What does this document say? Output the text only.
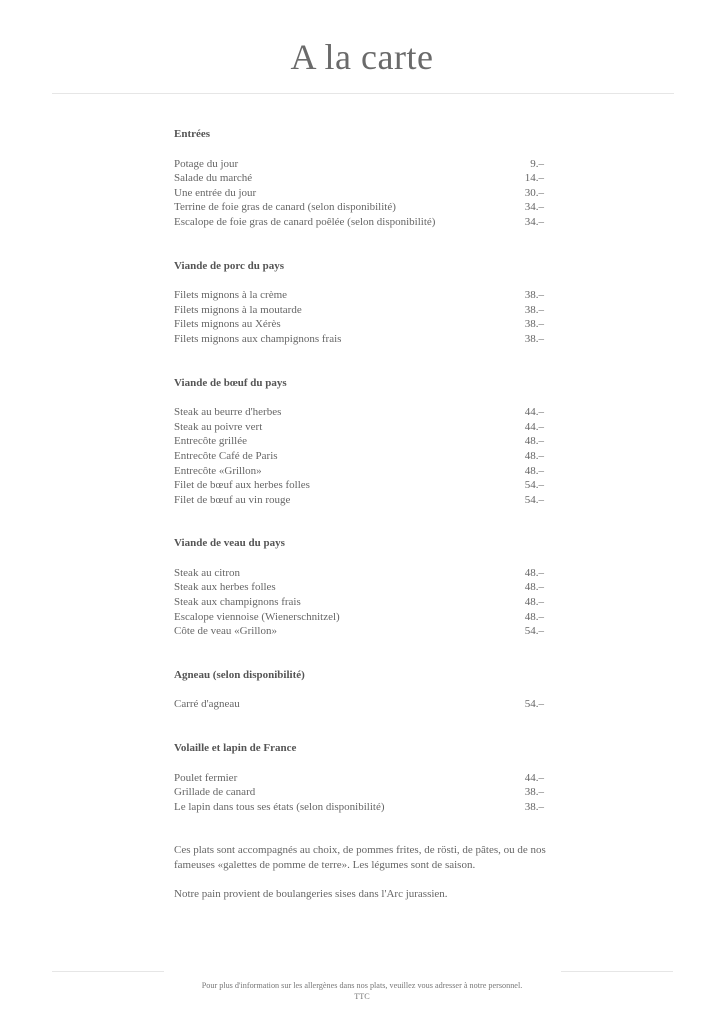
A la carte
Entrées
Potage du jour	9.–
Salade du marché	14.–
Une entrée du jour	30.–
Terrine de foie gras de canard (selon disponibilité)	34.–
Escalope de foie gras de canard poêlée (selon disponibilité)	34.–
Viande de porc du pays
Filets mignons à la crème	38.–
Filets mignons à la moutarde	38.–
Filets mignons au Xérès	38.–
Filets mignons aux champignons frais	38.–
Viande de bœuf du pays
Steak au beurre d'herbes	44.–
Steak au poivre vert	44.–
Entrecôte grillée	48.–
Entrecôte Café de Paris	48.–
Entrecôte «Grillon»	48.–
Filet de bœuf aux herbes folles	54.–
Filet de bœuf au vin rouge	54.–
Viande de veau du pays
Steak au citron	48.–
Steak aux herbes folles	48.–
Steak aux champignons frais	48.–
Escalope viennoise (Wienerschnitzel)	48.–
Côte de veau «Grillon»	54.–
Agneau (selon disponibilité)
Carré d'agneau	54.–
Volaille et lapin de France
Poulet fermier	44.–
Grillade de canard	38.–
Le lapin dans tous ses états (selon disponibilité)	38.–

Ces plats sont accompagnés au choix, de pommes frites, de rösti, de pâtes, ou de nos fameuses «galettes de pomme de terre». Les légumes sont de saison.

Notre pain provient de boulangeries sises dans l'Arc jurassien.

Pour plus d'information sur les allergènes dans nos plats, veuillez vous adresser à notre personnel.
TTC
